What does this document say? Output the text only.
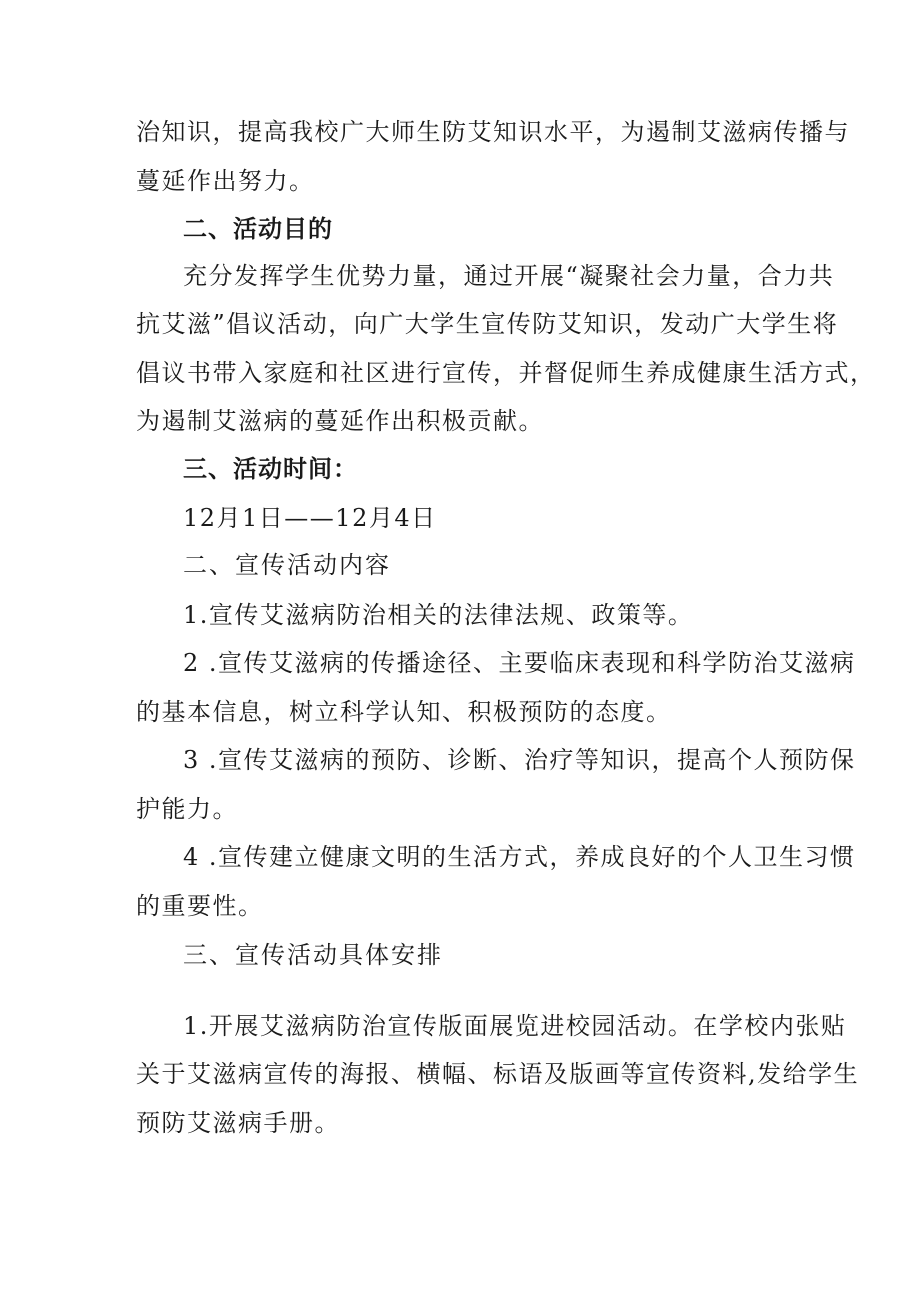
治知识，提高我校广大师生防艾知识水平，为遏制艾滋病传播与
蔓延作出努力。
二、活动目的
充分发挥学生优势力量，通过开展“凝聚社会力量，合力共
抗艾滋”倡议活动，向广大学生宣传防艾知识，发动广大学生将
倡议书带入家庭和社区进行宣传，并督促师生养成健康生活方式，
为遏制艾滋病的蔓延作出积极贡献。
三、活动时间：
12月1日——12月4日
二、宣传活动内容
1.宣传艾滋病防治相关的法律法规、政策等。
2 .宣传艾滋病的传播途径、主要临床表现和科学防治艾滋病
的基本信息，树立科学认知、积极预防的态度。
3 .宣传艾滋病的预防、诊断、治疗等知识，提高个人预防保
护能力。
4 .宣传建立健康文明的生活方式，养成良好的个人卫生习惯
的重要性。
三、宣传活动具体安排
1.开展艾滋病防治宣传版面展览进校园活动。在学校内张贴
关于艾滋病宣传的海报、横幅、标语及版画等宣传资料,发给学生
预防艾滋病手册。
